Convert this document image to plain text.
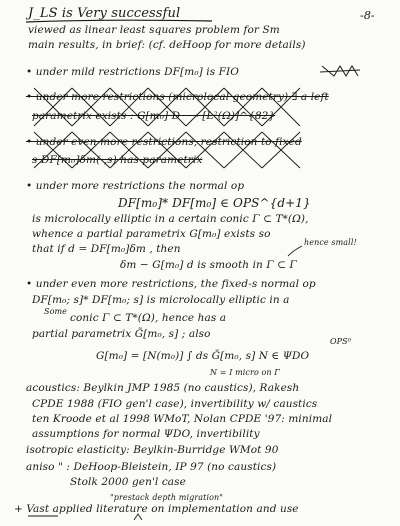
-8-
J_LS is Very successful
viewed as linear least squares problem for Sm
main results, in brief: (cf. deHoop for more details)
• under mild restrictions DF[m₀] is FIO
• under more restrictions (microlocal geometry) ∃ a left
parametrix exists : G[m₀] D ⟶ [L²(Ω)]^{82}
• under even more restrictions, restriction to fixed
s DF[m₀]δm(·,s) has parametrix
• under more restrictions the normal op
DF[m₀]* DF[m₀] ∈ OPS^{d+1}
is microlocally elliptic in a certain conic Γ ⊂ T*(Ω),
whence a partial parametrix G[m₀] exists so
that if d = DF[m₀]δm , then
hence small!
δm − G[m₀] d is smooth in Γ ⊂ Γ
• under even more restrictions, the fixed-s normal op
DF[m₀; s]* DF[m₀; s] is microlocally elliptic in a
Some
conic Γ ⊂ T*(Ω), hence has a
partial parametrix G̃[m₀, s] ; also
OPS⁰
G[m₀] = [N(m₀)] ∫ ds Ğ[m₀, s] N ∈ ΨDO
N = I micro on Γ
acoustics: Beylkin JMP 1985 (no caustics), Rakesh
CPDE 1988 (FIO gen'l case), invertibility w/ caustics
ten Kroode et al 1998 WMoT, Nolan CPDE '97: minimal
assumptions for normal ΨDO, invertibility
isotropic elasticity: Beylkin-Burridge WMot 90
aniso " : DeHoop-Bleistein, IP 97 (no caustics)
Stolk 2000 gen'l case
"prestack depth migration"
+ Vast applied literature on implementation and use
